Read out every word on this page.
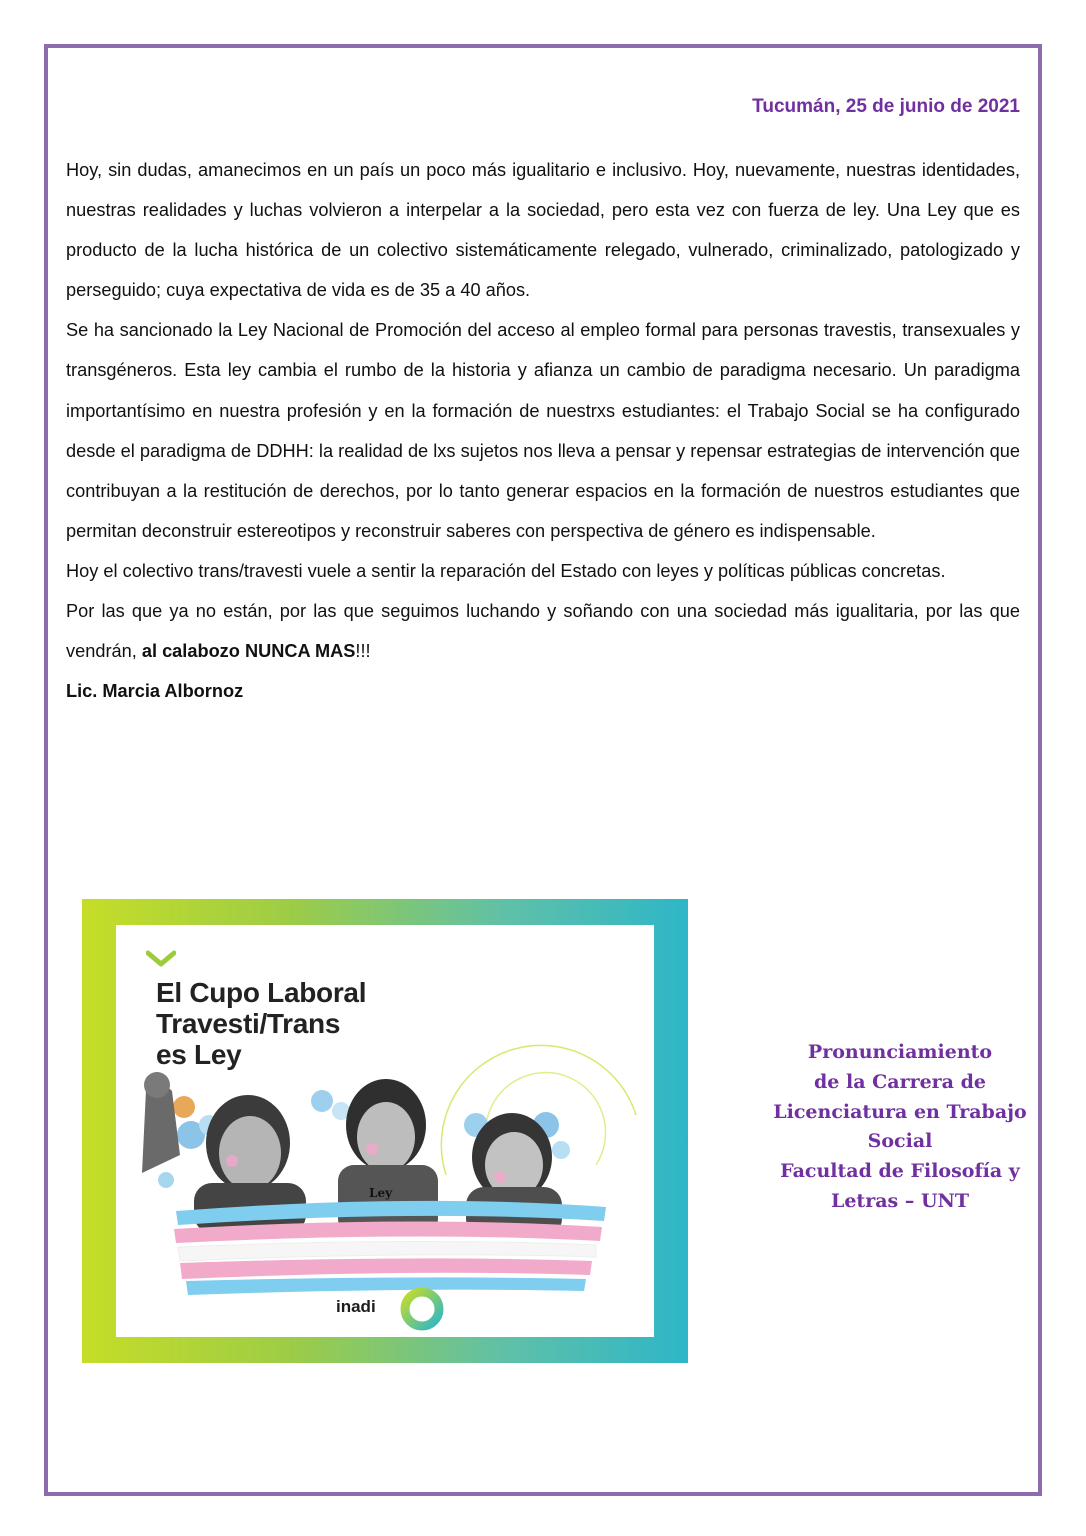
Tucumán, 25 de junio de 2021

Hoy, sin dudas, amanecimos en un país un poco más igualitario e inclusivo. Hoy, nuevamente, nuestras identidades, nuestras realidades y luchas volvieron a interpelar a la sociedad, pero esta vez con fuerza de ley. Una Ley que es producto de la lucha histórica de un colectivo sistemáticamente relegado, vulnerado, criminalizado, patologizado y perseguido; cuya expectativa de vida es de 35 a 40 años.

Se ha sancionado la Ley Nacional de Promoción del acceso al empleo formal para personas travestis, transexuales y transgéneros. Esta ley cambia el rumbo de la historia y afianza un cambio de paradigma necesario. Un paradigma importantísimo en nuestra profesión y en la formación de nuestrxs estudiantes: el Trabajo Social se ha configurado desde el paradigma de DDHH: la realidad de lxs sujetos nos lleva a pensar y repensar estrategias de intervención que contribuyan a la restitución de derechos, por lo tanto generar espacios en la formación de nuestros estudiantes que permitan deconstruir estereotipos y reconstruir saberes con perspectiva de género es indispensable.

Hoy el colectivo trans/travesti vuele a sentir la reparación del Estado con leyes y políticas públicas concretas.

Por las que ya no están, por las que seguimos luchando y soñando con una sociedad más igualitaria, por las que vendrán, al calabozo NUNCA MAS!!!

Lic. Marcia Albornoz

Ley

El Cupo Laboral
Travesti/Trans
es Ley

inadi
Pronunciamiento
de la Carrera de
Licenciatura en Trabajo
Social
Facultad de Filosofía y
Letras – UNT
